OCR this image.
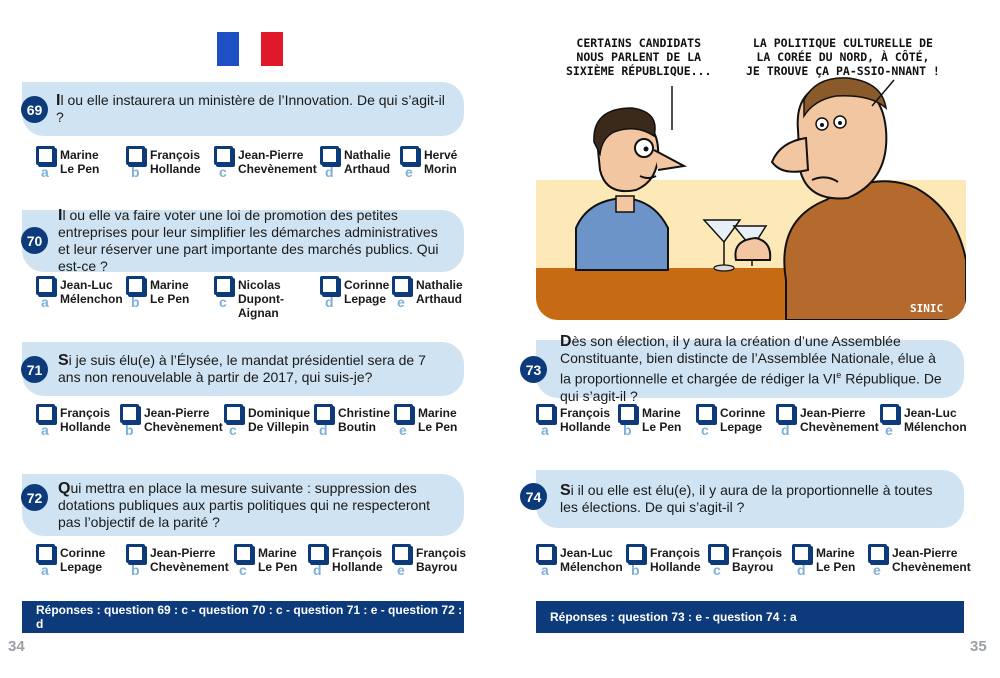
Il ou elle instaurera un ministère de l’Innovation. De qui s’agit-il ?
69
Il ou elle va faire voter une loi de promotion des petites entreprises pour leur simplifier les démarches administratives et leur réserver une part importante des marchés publics. Qui est-ce ?
70
Si je suis élu(e) à l’Élysée, le mandat présidentiel sera de 7 ans non renouvelable à partir de 2017, qui suis-je?
71
Qui mettra en place la mesure suivante : suppression des dotations publiques aux partis politiques qui ne respecteront pas l’objectif de la parité ?
72
a
Marine
Le Pen b
François
Hollande c
Jean-Pierre
Chevènement d
Nathalie
Arthaud e
Hervé
Morin
a
Jean-Luc
Mélenchon b
Marine
Le Pen c
Nicolas
Dupont-
Aignan
d
Corinne
Lepage e
Nathalie
Arthaud
a
François
Hollande b
Jean-Pierre
Chevènement c
Dominique
De Villepin d
Christine
Boutin	e
Marine
Le Pen
a
Corinne
Lepage b
Jean-Pierre
Chevènement c
Marine
Le Pen d
François
Hollande e
François
Bayrou
Réponses : question 69 : c - question 70 : c - question 71 : e - question 72 : d
34
CERTAINS CANDIDATS
NOUS PARLENT DE LA
SIXIÈME RÉPUBLIQUE...
LA POLITIQUE CULTURELLE DE
LA CORÉE DU NORD, À CÔTÉ,
JE TROUVE ÇA PA-SSIO-NNANT !
SINIC
Dès son élection, il y aura la création d’une Assemblée Constituante, bien distincte de l’Assemblée Nationale, élue à la proportionnelle et chargée de rédiger la VIe République. De qui s’agit-il ?
73
Si il ou elle est élu(e), il y aura de la proportionnelle à toutes les élections. De qui s’agit-il ?
74
a
François
Hollande b
Marine
Le Pen c
Corinne
Lepage d
Jean-Pierre
Chevènement e
Jean-Luc
Mélenchon
a
Jean-Luc
Mélenchon b
François
Hollande c
François
Bayrou	d
Marine
Le Pen e
Jean-Pierre
Chevènement
Réponses : question 73 : e - question 74 : a
35
